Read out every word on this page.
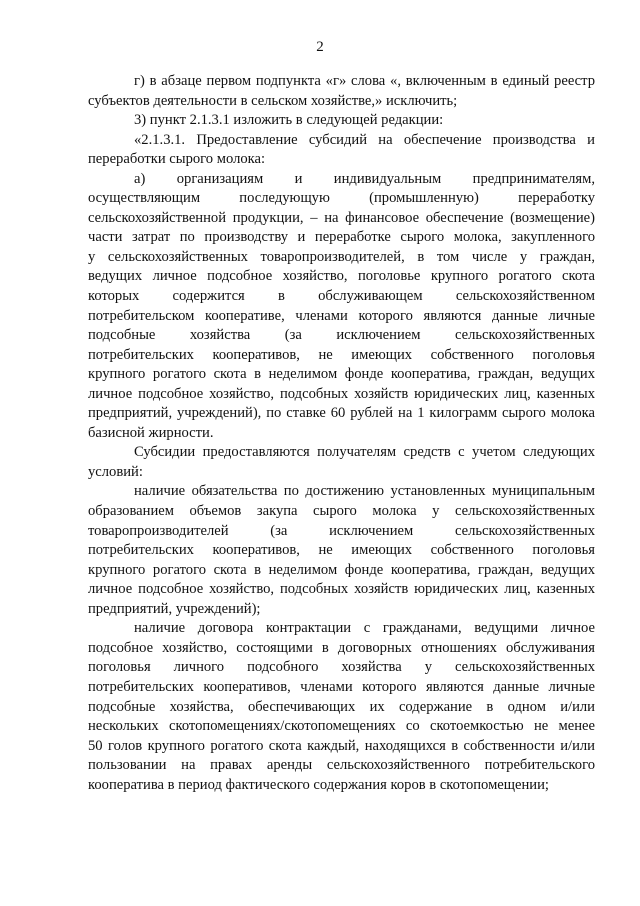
2
г) в абзаце первом подпункта «г» слова «, включенным в единый реестр
субъектов деятельности в сельском хозяйстве,» исключить;
3) пункт 2.1.3.1 изложить в следующей редакции:
«2.1.3.1. Предоставление субсидий на обеспечение производства и
переработки сырого молока:
а) организациям и индивидуальным предпринимателям,
осуществляющим последующую (промышленную) переработку
сельскохозяйственной продукции, – на финансовое обеспечение (возмещение)
части затрат по производству и переработке сырого молока, закупленного
у сельскохозяйственных товаропроизводителей, в том числе у граждан,
ведущих личное подсобное хозяйство, поголовье крупного рогатого скота
которых содержится в обслуживающем сельскохозяйственном
потребительском кооперативе, членами которого являются данные личные
подсобные хозяйства (за исключением сельскохозяйственных
потребительских кооперативов, не имеющих собственного поголовья
крупного рогатого скота в неделимом фонде кооператива, граждан, ведущих
личное подсобное хозяйство, подсобных хозяйств юридических лиц, казенных
предприятий, учреждений), по ставке 60 рублей на 1 килограмм сырого молока
базисной жирности.
Субсидии предоставляются получателям средств с учетом следующих
условий:
наличие обязательства по достижению установленных муниципальным
образованием объемов закупа сырого молока у сельскохозяйственных
товаропроизводителей (за исключением сельскохозяйственных
потребительских кооперативов, не имеющих собственного поголовья
крупного рогатого скота в неделимом фонде кооператива, граждан, ведущих
личное подсобное хозяйство, подсобных хозяйств юридических лиц, казенных
предприятий, учреждений);
наличие договора контрактации с гражданами, ведущими личное
подсобное хозяйство, состоящими в договорных отношениях обслуживания
поголовья личного подсобного хозяйства у сельскохозяйственных
потребительских кооперативов, членами которого являются данные личные
подсобные хозяйства, обеспечивающих их содержание в одном и/или
нескольких скотопомещениях/скотопомещениях со скотоемкостью не менее
50 голов крупного рогатого скота каждый, находящихся в собственности и/или
пользовании на правах аренды сельскохозяйственного потребительского
кооператива в период фактического содержания коров в скотопомещении;
